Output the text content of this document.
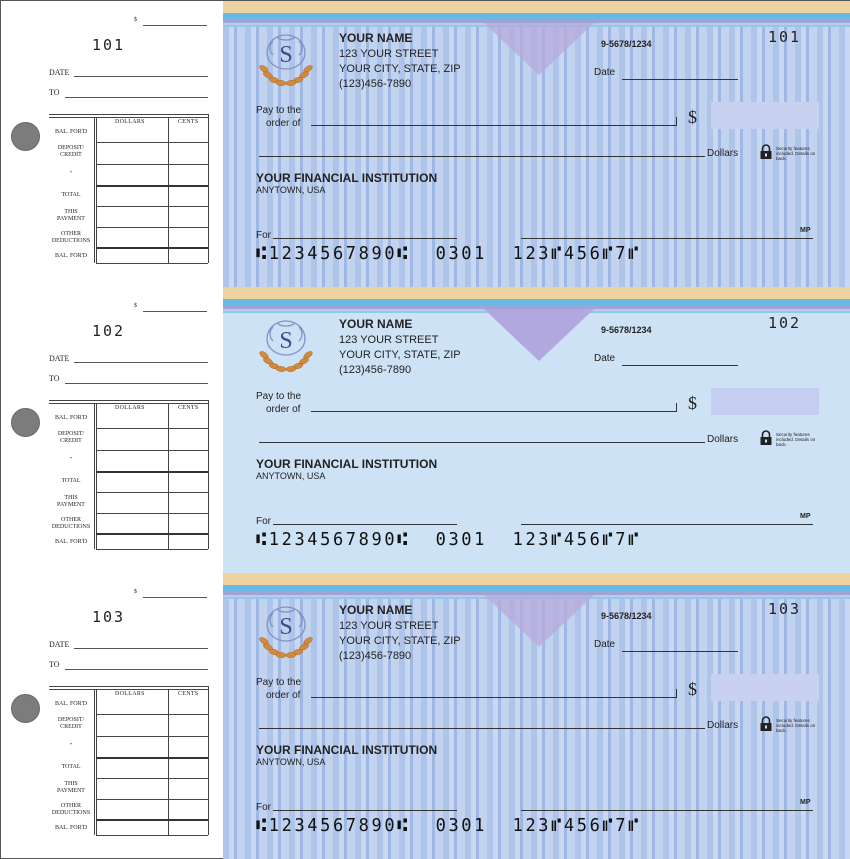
$
101
DATE
TO
DOLLARS	CENTS
BAL. FOR'D
DEPOSIT/ CREDIT
"
TOTAL
THIS PAYMENT
OTHER DEDUCTIONS
BAL. FOR'D
S
YOUR NAME
123 YOUR STREET
YOUR CITY, STATE, ZIP
(123)456-7890
9-5678/1234	101
Date
Pay to the
order of	$
Dollars	Security features included. Details on back.
YOUR FINANCIAL INSTITUTION
ANYTOWN, USA
For	MP
⑆1234567890⑆  0301  123⑈456⑈7⑈
$
102
DATE
TO
DOLLARS	CENTS
BAL. FOR'D
DEPOSIT/ CREDIT
"
TOTAL
THIS PAYMENT
OTHER DEDUCTIONS
BAL. FOR'D
S
YOUR NAME
123 YOUR STREET
YOUR CITY, STATE, ZIP
(123)456-7890
9-5678/1234	102
Date
Pay to the
order of	$
Dollars	Security features included. Details on back.
YOUR FINANCIAL INSTITUTION
ANYTOWN, USA
For	MP
⑆1234567890⑆  0301  123⑈456⑈7⑈
$
103
DATE
TO
DOLLARS	CENTS
BAL. FOR'D
DEPOSIT/ CREDIT
"
TOTAL
THIS PAYMENT
OTHER DEDUCTIONS
BAL. FOR'D
S
YOUR NAME
123 YOUR STREET
YOUR CITY, STATE, ZIP
(123)456-7890
9-5678/1234	103
Date
Pay to the
order of	$
Dollars	Security features included. Details on back.
YOUR FINANCIAL INSTITUTION
ANYTOWN, USA
For	MP
⑆1234567890⑆  0301  123⑈456⑈7⑈
